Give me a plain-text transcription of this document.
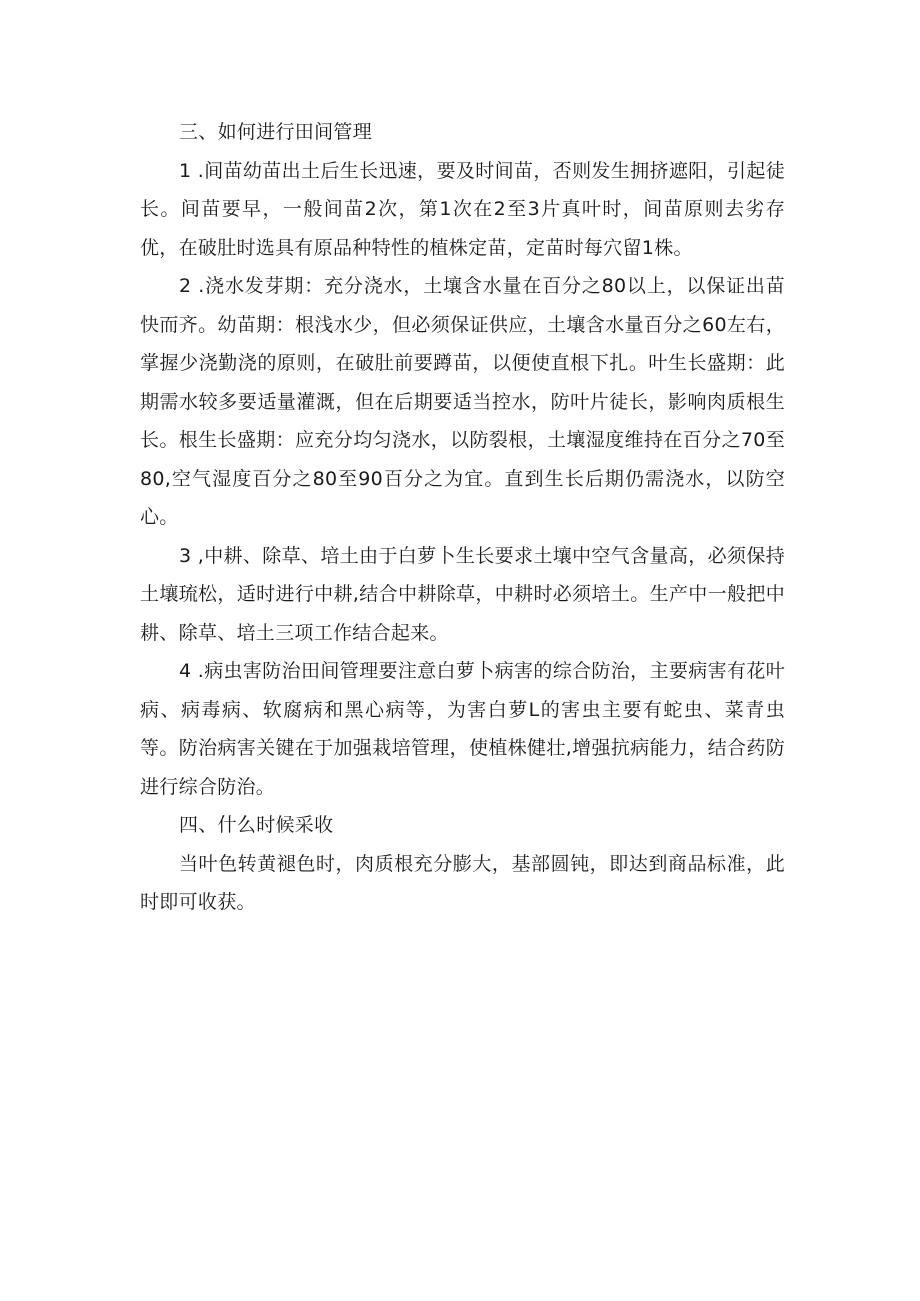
三、如何进行田间管理

1 .间苗幼苗出土后生长迅速，要及时间苗，否则发生拥挤遮阳，引起徒长。间苗要早，一般间苗2次，第1次在2至3片真叶时，间苗原则去劣存优，在破肚时选具有原品种特性的植株定苗，定苗时每穴留1株。

2 .浇水发芽期：充分浇水，土壤含水量在百分之80以上，以保证出苗快而齐。幼苗期：根浅水少，但必须保证供应，土壤含水量百分之60左右，掌握少浇勤浇的原则，在破肚前要蹲苗，以便使直根下扎。叶生长盛期：此期需水较多要适量灌溉，但在后期要适当控水，防叶片徒长，影响肉质根生长。根生长盛期：应充分均匀浇水，以防裂根，土壤湿度维持在百分之70至80,空气湿度百分之80至90百分之为宜。直到生长后期仍需浇水，以防空心。

3 ,中耕、除草、培土由于白萝卜生长要求土壤中空气含量高，必须保持土壤琉松，适时进行中耕,结合中耕除草，中耕时必须培土。生产中一般把中耕、除草、培土三项工作结合起来。

4 .病虫害防治田间管理要注意白萝卜病害的综合防治，主要病害有花叶病、病毒病、软腐病和黑心病等，为害白萝L的害虫主要有蛇虫、菜青虫等。防治病害关键在于加强栽培管理，使植株健壮,增强抗病能力，结合药防进行综合防治。

四、什么时候采收

当叶色转黄褪色时，肉质根充分膨大，基部圆钝，即达到商品标准，此时即可收获。
